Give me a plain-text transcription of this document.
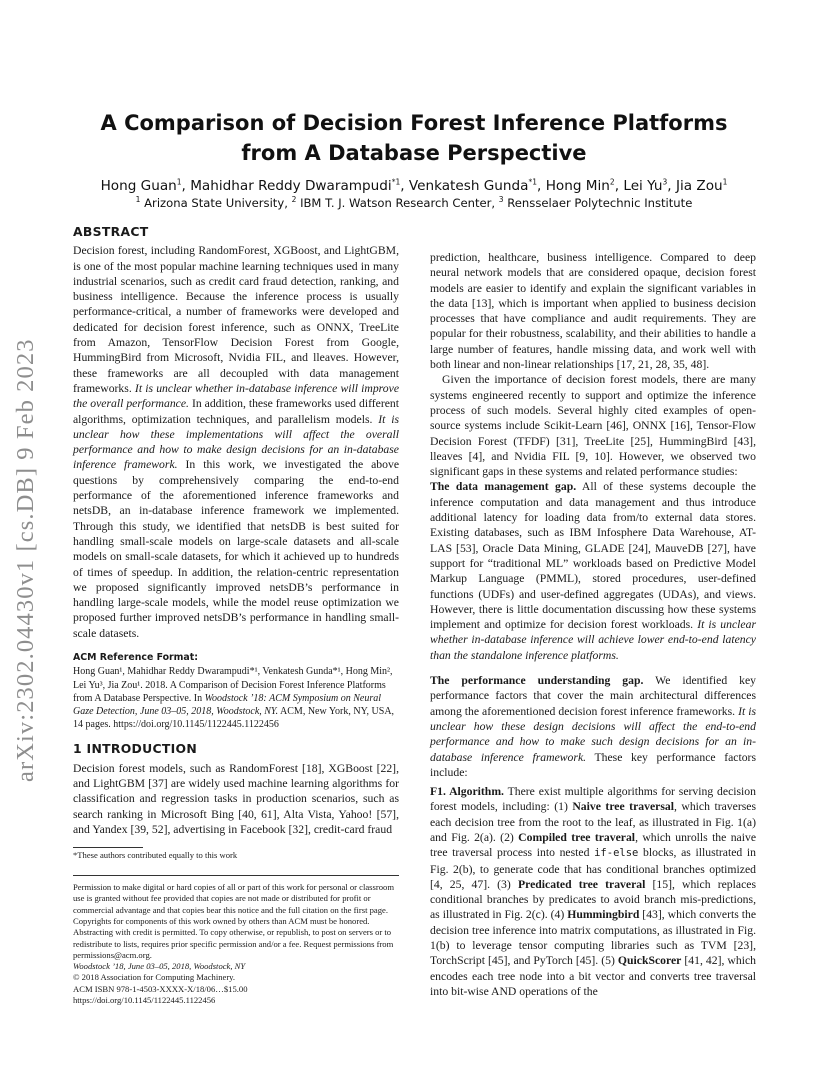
arXiv:2302.04430v1 [cs.DB] 9 Feb 2023
A Comparison of Decision Forest Inference Platforms from A Database Perspective
Hong Guan$^1$, Mahidhar Reddy Dwarampudi$^{*1}$, Venkatesh Gunda$^{*1}$, Hong Min$^2$, Lei Yu$^3$, Jia Zou$^1$
$^1$ Arizona State University, $^2$ IBM T. J. Watson Research Center, $^3$ Rensselaer Polytechnic Institute
ABSTRACT

Decision forest, including RandomForest, XGBoost, and LightGBM, is one of the most popular machine learning techniques used in many industrial scenarios, such as credit card fraud detection, ranking, and business intelligence. Because the inference process is usually performance-critical, a number of frameworks were developed and dedicated for decision forest inference, such as ONNX, TreeLite from Amazon, TensorFlow Decision Forest from Google, HummingBird from Microsoft, Nvidia FIL, and lleaves. However, these frameworks are all decoupled with data management frameworks. It is unclear whether in-database inference will improve the overall performance. In addition, these frameworks used different algorithms, optimization techniques, and parallelism models. It is unclear how these implementations will affect the overall performance and how to make design decisions for an in-database inference framework. In this work, we investigated the above questions by comprehensively comparing the end-to-end performance of the aforementioned inference frameworks and netsDB, an in-database inference framework we implemented. Through this study, we identified that netsDB is best suited for handling small-scale models on large-scale datasets and all-scale models on small-scale datasets, for which it achieved up to hundreds of times of speedup. In addition, the relation-centric representation we proposed significantly improved netsDB’s performance in handling large-scale models, while the model reuse optimization we proposed further improved netsDB’s performance in handling small-scale datasets.

ACM Reference Format:

Hong Guan¹, Mahidhar Reddy Dwarampudi*¹, Venkatesh Gunda*¹, Hong Min², Lei Yu³, Jia Zou¹. 2018. A Comparison of Decision Forest Inference Platforms from A Database Perspective. In Woodstock ’18: ACM Symposium on Neural Gaze Detection, June 03–05, 2018, Woodstock, NY. ACM, New York, NY, USA, 14 pages. https://doi.org/10.1145/1122445.1122456

1 INTRODUCTION

Decision forest models, such as RandomForest [18], XGBoost [22], and LightGBM [37] are widely used machine learning algorithms for classification and regression tasks in production scenarios, such as search ranking in Microsoft Bing [40, 61], Alta Vista, Yahoo! [57], and Yandex [39, 52], advertising in Facebook [32], credit-card fraud

*These authors contributed equally to this work

Permission to make digital or hard copies of all or part of this work for personal or classroom use is granted without fee provided that copies are not made or distributed for profit or commercial advantage and that copies bear this notice and the full citation on the first page. Copyrights for components of this work owned by others than ACM must be honored. Abstracting with credit is permitted. To copy otherwise, or republish, to post on servers or to redistribute to lists, requires prior specific permission and/or a fee. Request permissions from permissions@acm.org.

Woodstock ’18, June 03–05, 2018, Woodstock, NY

© 2018 Association for Computing Machinery.

ACM ISBN 978-1-4503-XXXX-X/18/06…$15.00

https://doi.org/10.1145/1122445.1122456

prediction, healthcare, business intelligence. Compared to deep neural network models that are considered opaque, decision forest models are easier to identify and explain the significant variables in the data [13], which is important when applied to business decision processes that have compliance and audit requirements. They are popular for their robustness, scalability, and their abilities to handle a large number of features, handle missing data, and work well with both linear and non-linear relationships [17, 21, 28, 35, 48].

Given the importance of decision forest models, there are many systems engineered recently to support and optimize the inference process of such models. Several highly cited examples of open-source systems include Scikit-Learn [46], ONNX [16], Tensor-Flow Decision Forest (TFDF) [31], TreeLite [25], HummingBird [43], lleaves [4], and Nvidia FIL [9, 10]. However, we observed two significant gaps in these systems and related performance studies:

The data management gap. All of these systems decouple the inference computation and data management and thus introduce additional latency for loading data from/to external data stores. Existing databases, such as IBM Infosphere Data Warehouse, AT-LAS [53], Oracle Data Mining, GLADE [24], MauveDB [27], have support for “traditional ML” workloads based on Predictive Model Markup Language (PMML), stored procedures, user-defined functions (UDFs) and user-defined aggregates (UDAs), and views. However, there is little documentation discussing how these systems implement and optimize for decision forest workloads. It is unclear whether in-database inference will achieve lower end-to-end latency than the standalone inference platforms.

The performance understanding gap. We identified key performance factors that cover the main architectural differences among the aforementioned decision forest inference frameworks. It is unclear how these design decisions will affect the end-to-end performance and how to make such design decisions for an in-database inference framework. These key performance factors include:

F1. Algorithm. There exist multiple algorithms for serving decision forest models, including: (1) Naive tree traversal, which traverses each decision tree from the root to the leaf, as illustrated in Fig. 1(a) and Fig. 2(a). (2) Compiled tree traveral, which unrolls the naive tree traversal process into nested if-else blocks, as illustrated in Fig. 2(b), to generate code that has conditional branches optimized [4, 25, 47]. (3) Predicated tree traveral [15], which replaces conditional branches by predicates to avoid branch mis-predictions, as illustrated in Fig. 2(c). (4) Hummingbird [43], which converts the decision tree inference into matrix computations, as illustrated in Fig. 1(b) to leverage tensor computing libraries such as TVM [23], TorchScript [45], and PyTorch [45]. (5) QuickScorer [41, 42], which encodes each tree node into a bit vector and converts tree traversal into bit-wise AND operations of the
